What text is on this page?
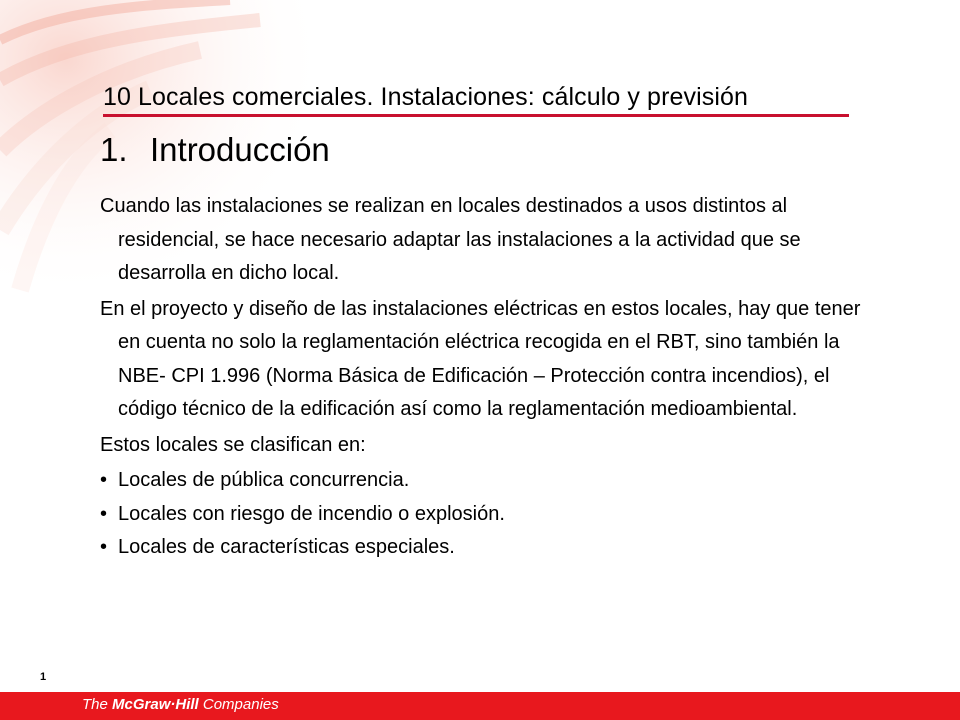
10 Locales comerciales. Instalaciones: cálculo y previsión
1. Introducción

Cuando las instalaciones se realizan en locales destinados a usos distintos al residencial, se hace necesario adaptar las instalaciones a la actividad que se desarrolla en dicho local.

En el proyecto y diseño de las instalaciones eléctricas en estos locales, hay que tener en cuenta no solo la reglamentación eléctrica recogida en el RBT, sino también la NBE- CPI 1.996 (Norma Básica de Edificación – Protección contra incendios), el código técnico de la edificación así como la reglamentación medioambiental.

Estos locales se clasifican en:

• Locales de pública concurrencia.
• Locales con riesgo de incendio o explosión.
• Locales de características especiales.
1
The McGraw·Hill Companies
